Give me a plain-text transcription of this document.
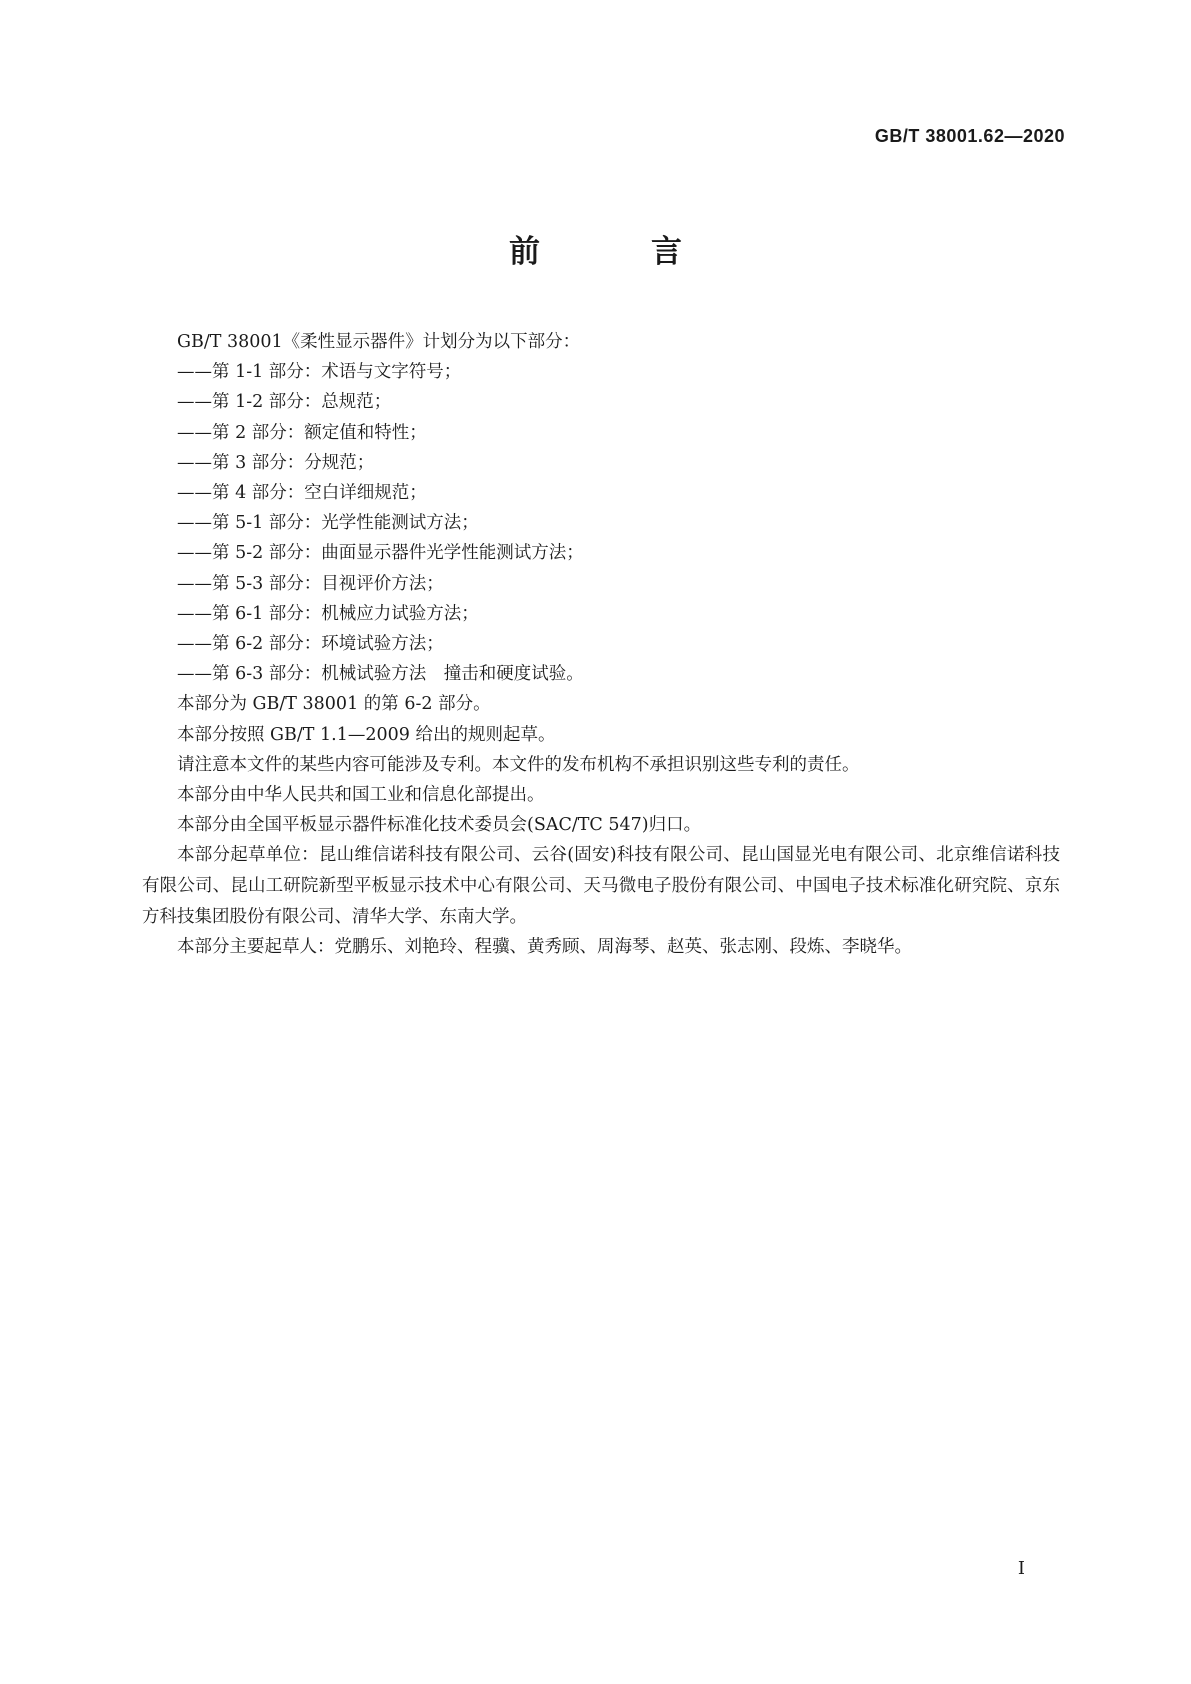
GB/T 38001.62—2020
前　言

GB/T 38001《柔性显示器件》计划分为以下部分：

——第 1-1 部分：术语与文字符号；

——第 1-2 部分：总规范；

——第 2 部分：额定值和特性；

——第 3 部分：分规范；

——第 4 部分：空白详细规范；

——第 5-1 部分：光学性能测试方法；

——第 5-2 部分：曲面显示器件光学性能测试方法；

——第 5-3 部分：目视评价方法；

——第 6-1 部分：机械应力试验方法；

——第 6-2 部分：环境试验方法；

——第 6-3 部分：机械试验方法　撞击和硬度试验。

本部分为 GB/T 38001 的第 6-2 部分。

本部分按照 GB/T 1.1—2009 给出的规则起草。

请注意本文件的某些内容可能涉及专利。本文件的发布机构不承担识别这些专利的责任。

本部分由中华人民共和国工业和信息化部提出。

本部分由全国平板显示器件标准化技术委员会(SAC/TC 547)归口。

本部分起草单位：昆山维信诺科技有限公司、云谷(固安)科技有限公司、昆山国显光电有限公司、北京维信诺科技有限公司、昆山工研院新型平板显示技术中心有限公司、天马微电子股份有限公司、中国电子技术标准化研究院、京东方科技集团股份有限公司、清华大学、东南大学。

本部分主要起草人：党鹏乐、刘艳玲、程骥、黄秀顾、周海琴、赵英、张志刚、段炼、李晓华。

I
